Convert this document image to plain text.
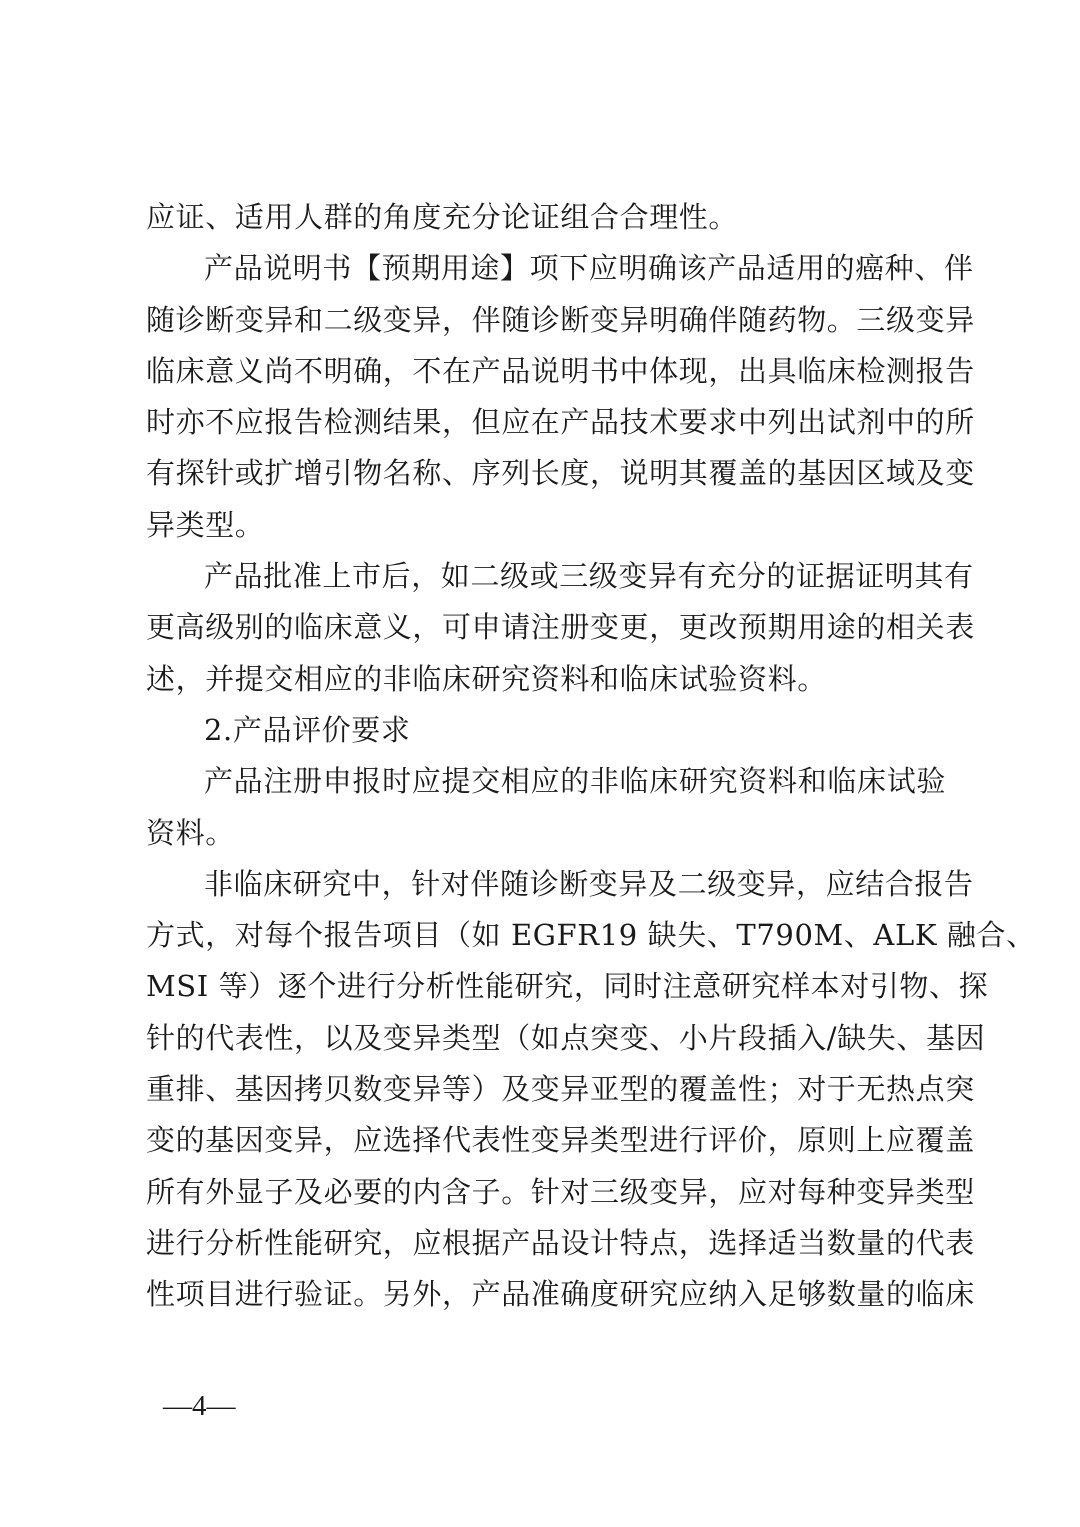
应证、适用人群的角度充分论证组合合理性。
产品说明书【预期用途】项下应明确该产品适用的癌种、伴
随诊断变异和二级变异，伴随诊断变异明确伴随药物。三级变异
临床意义尚不明确，不在产品说明书中体现，出具临床检测报告
时亦不应报告检测结果，但应在产品技术要求中列出试剂中的所
有探针或扩增引物名称、序列长度，说明其覆盖的基因区域及变
异类型。
产品批准上市后，如二级或三级变异有充分的证据证明其有
更高级别的临床意义，可申请注册变更，更改预期用途的相关表
述，并提交相应的非临床研究资料和临床试验资料。
2.产品评价要求
产品注册申报时应提交相应的非临床研究资料和临床试验
资料。
非临床研究中，针对伴随诊断变异及二级变异，应结合报告
方式，对每个报告项目（如 EGFR19 缺失、T790M、ALK 融合、
MSI 等）逐个进行分析性能研究，同时注意研究样本对引物、探
针的代表性，以及变异类型（如点突变、小片段插入/缺失、基因
重排、基因拷贝数变异等）及变异亚型的覆盖性；对于无热点突
变的基因变异，应选择代表性变异类型进行评价，原则上应覆盖
所有外显子及必要的内含子。针对三级变异，应对每种变异类型
进行分析性能研究，应根据产品设计特点，选择适当数量的代表
性项目进行验证。另外，产品准确度研究应纳入足够数量的临床
—4—
